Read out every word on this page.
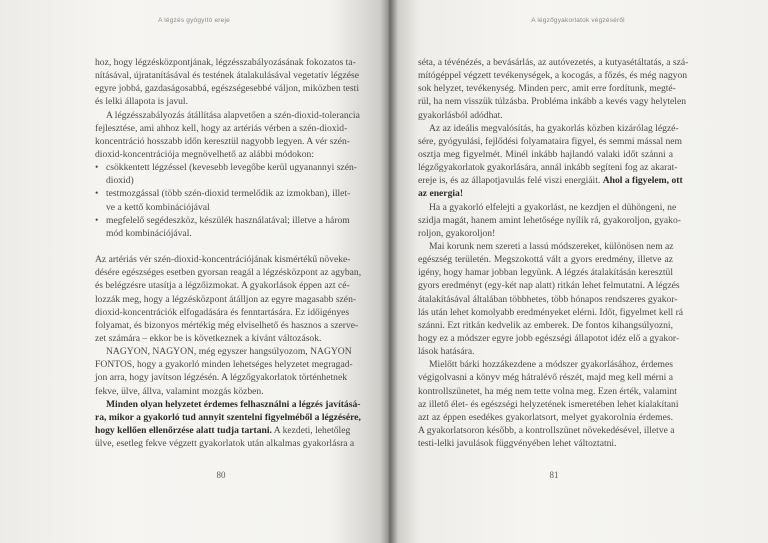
A légzés gyógyító ereje
hoz, hogy légzésközpontjának, légzésszabályozásának fokozatos ta-
nításával, újratanításával és testének átalakulásával vegetatív légzése
egyre jobbá, gazdaságosabbá, egészségesebbé váljon, miközben testi
és lelki állapota is javul.
A légzésszabályozás átállítása alapvetően a szén-dioxid-tolerancia
fejlesztése, ami ahhoz kell, hogy az artériás vérben a szén-dioxid-
koncentráció hosszabb időn keresztül nagyobb legyen. A vér szén-
dioxid-koncentrációja megnövelhető az alábbi módokon:
• csökkentett légzéssel (kevesebb levegőbe kerül ugyanannyi szén-
dioxid)
• testmozgással (több szén-dioxid termelődik az izmokban), illet-
ve a kettő kombinációjával
• megfelelő segédeszköz, készülék használatával; illetve a három
mód kombinációjával.
Az artériás vér szén-dioxid-koncentrációjának kismértékű növeke-
désére egészséges esetben gyorsan reagál a légzésközpont az agyban,
és belégzésre utasítja a légzőizmokat. A gyakorlások éppen azt cé-
lozzák meg, hogy a légzésközpont átálljon az egyre magasabb szén-
dioxid-koncentrációk elfogadására és fenntartására. Ez időigényes
folyamat, és bizonyos mértékig még elviselhető és hasznos a szerve-
zet számára – ekkor be is következnek a kívánt változások.
NAGYON, NAGYON, még egyszer hangsúlyozom, NAGYON
FONTOS, hogy a gyakorló minden lehetséges helyzetet megragad-
jon arra, hogy javítson légzésén. A légzőgyakorlatok történhetnek
fekve, ülve, állva, valamint mozgás közben.
Minden olyan helyzetet érdemes felhasználni a légzés javításá-
ra, mikor a gyakorló tud annyit szentelni figyelméből a légzésére,
hogy kellően ellenőrzése alatt tudja tartani. A kezdeti, lehetőleg
ülve, esetleg fekve végzett gyakorlatok után alkalmas gyakorlásra a
80
A légzőgyakorlatok végzéséről
séta, a tévénézés, a bevásárlás, az autóvezetés, a kutyasétáltatás, a szá-
mítógéppel végzett tevékenységek, a kocogás, a főzés, és még nagyon
sok helyzet, tevékenység. Minden perc, amit erre fordítunk, megté-
rül, ha nem visszük túlzásba. Probléma inkább a kevés vagy helytelen
gyakorlásból adódhat.
Az az ideális megvalósítás, ha gyakorlás közben kizárólag légzé-
sére, gyógyulási, fejlődési folyamataira figyel, és semmi mással nem
osztja meg figyelmét. Minél inkább hajlandó valaki időt szánni a
légzőgyakorlatok gyakorlására, annál inkább segíteni fog az akarat-
ereje is, és az állapotjavulás felé viszi energiáit. Ahol a figyelem, ott
az energia!
Ha a gyakorló elfelejti a gyakorlást, ne kezdjen el dühöngeni, ne
szidja magát, hanem amint lehetősége nyílik rá, gyakoroljon, gyako-
roljon, gyakoroljon!
Mai korunk nem szereti a lassú módszereket, különösen nem az
egészség területén. Megszokottá vált a gyors eredmény, illetve az
igény, hogy hamar jobban legyünk. A légzés átalakításán keresztül
gyors eredményt (egy-két nap alatt) ritkán lehet felmutatni. A légzés
átalakításával általában többhetes, több hónapos rendszeres gyakor-
lás után lehet komolyabb eredményeket elérni. Időt, figyelmet kell rá
szánni. Ezt ritkán kedvelik az emberek. De fontos kihangsúlyozni,
hogy ez a módszer egyre jobb egészségi állapotot idéz elő a gyakor-
lások hatására.
Mielőtt bárki hozzákezdene a módszer gyakorlásához, érdemes
végigolvasni a könyv még hátralévő részét, majd meg kell mérni a
kontrollszünetet, ha még nem tette volna meg. Ezen érték, valamint
az illető élet- és egészségi helyzetének ismeretében lehet kialakítani
azt az éppen esedékes gyakorlatsort, melyet gyakorolnia érdemes.
A gyakorlatsoron később, a kontrollszünet növekedésével, illetve a
testi-lelki javulások függvényében lehet változtatni.
81
